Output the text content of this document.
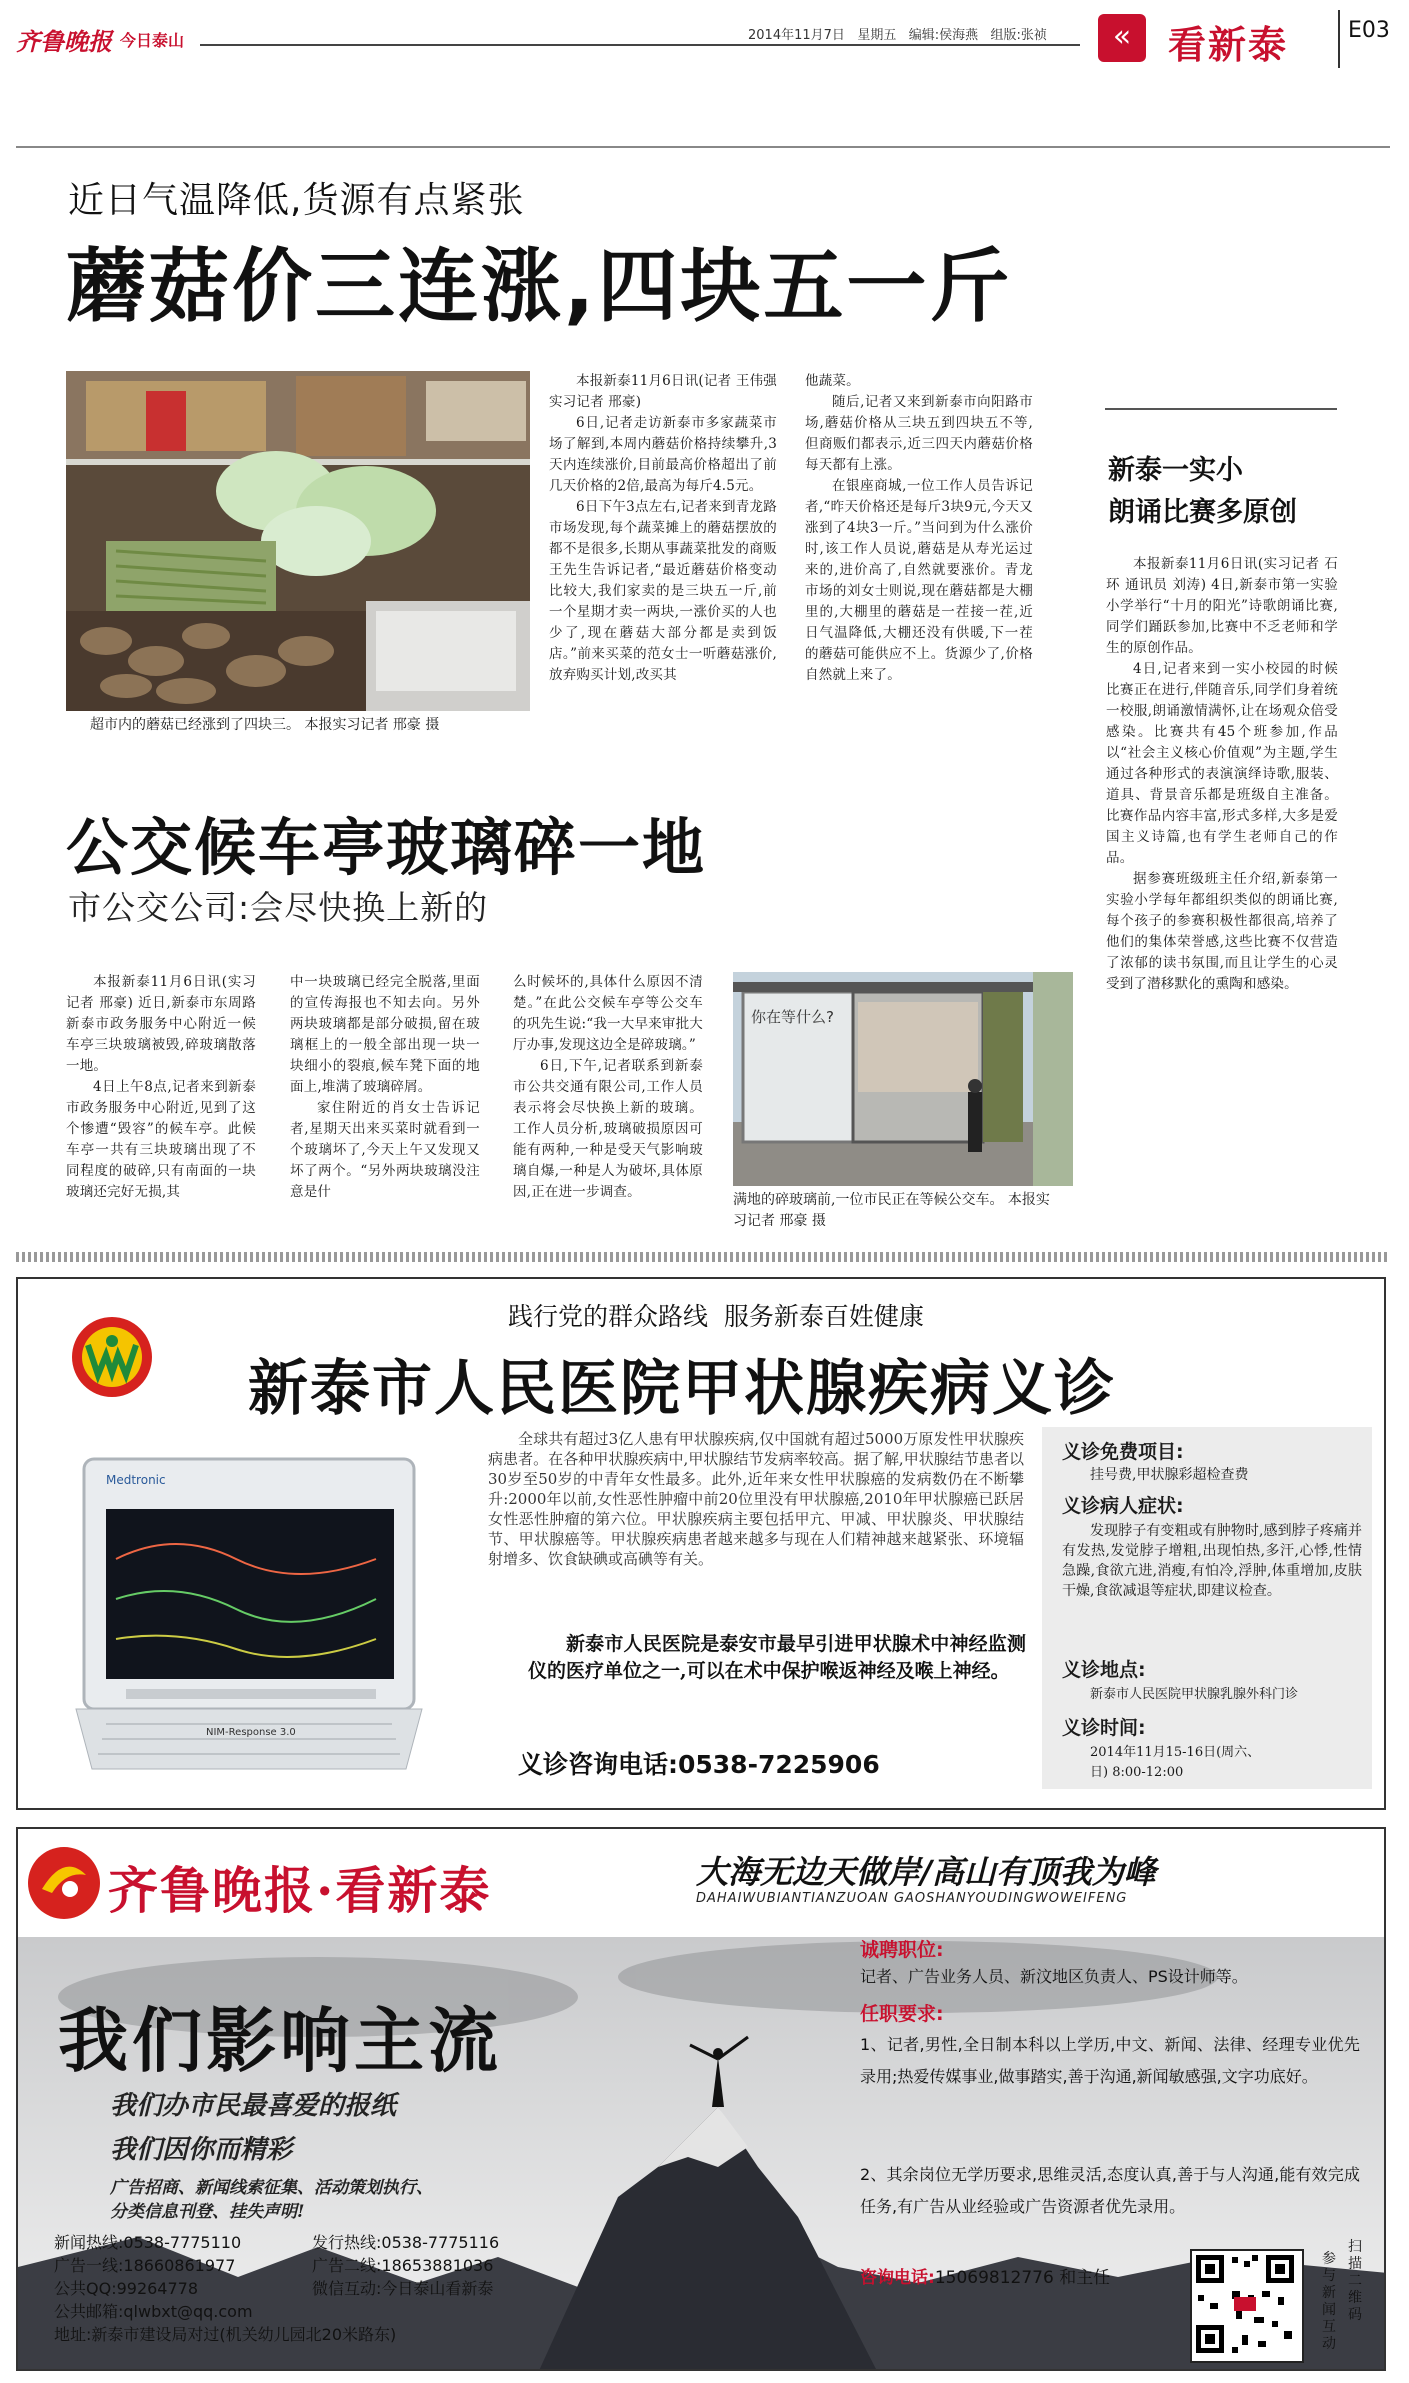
齐鲁晚报 今日泰山	2014年11月7日 星期五 编辑:侯海燕 组版:张祯	« 看新泰	E03
近日气温降低,货源有点紧张
蘑菇价三连涨,四块五一斤
超市内的蘑菇已经涨到了四块三。 本报实习记者 邢豪 摄

本报新泰11月6日讯(记者 王伟强 实习记者 邢豪)

6日,记者走访新泰市多家蔬菜市场了解到,本周内蘑菇价格持续攀升,3天内连续涨价,目前最高价格超出了前几天价格的2倍,最高为每斤4.5元。

6日下午3点左右,记者来到青龙路市场发现,每个蔬菜摊上的蘑菇摆放的都不是很多,长期从事蔬菜批发的商贩王先生告诉记者,“最近蘑菇价格变动比较大,我们家卖的是三块五一斤,前一个星期才卖一两块,一涨价买的人也少了,现在蘑菇大部分都是卖到饭店。”前来买菜的范女士一听蘑菇涨价,放弃购买计划,改买其

他蔬菜。

随后,记者又来到新泰市向阳路市场,蘑菇价格从三块五到四块五不等,但商贩们都表示,近三四天内蘑菇价格每天都有上涨。

在银座商城,一位工作人员告诉记者,“昨天价格还是每斤3块9元,今天又涨到了4块3一斤。”当问到为什么涨价时,该工作人员说,蘑菇是从寿光运过来的,进价高了,自然就要涨价。青龙市场的刘女士则说,现在蘑菇都是大棚里的,大棚里的蘑菇是一茬接一茬,近日气温降低,大棚还没有供暖,下一茬的蘑菇可能供应不上。货源少了,价格自然就上来了。

新泰一实小
朗诵比赛多原创

本报新泰11月6日讯(实习记者 石环 通讯员 刘涛) 4日,新泰市第一实验小学举行“十月的阳光”诗歌朗诵比赛,同学们踊跃参加,比赛中不乏老师和学生的原创作品。

4日,记者来到一实小校园的时候比赛正在进行,伴随音乐,同学们身着统一校服,朗诵激情满怀,让在场观众倍受感染。比赛共有45个班参加,作品以“社会主义核心价值观”为主题,学生通过各种形式的表演演绎诗歌,服装、道具、背景音乐都是班级自主准备。比赛作品内容丰富,形式多样,大多是爱国主义诗篇,也有学生老师自己的作品。

据参赛班级班主任介绍,新泰第一实验小学每年都组织类似的朗诵比赛,每个孩子的参赛积极性都很高,培养了他们的集体荣誉感,这些比赛不仅营造了浓郁的读书氛围,而且让学生的心灵受到了潜移默化的熏陶和感染。

公交候车亭玻璃碎一地
市公交公司:会尽快换上新的

本报新泰11月6日讯(实习记者 邢豪) 近日,新泰市东周路新泰市政务服务中心附近一候车亭三块玻璃被毁,碎玻璃散落一地。

4日上午8点,记者来到新泰市政务服务中心附近,见到了这个惨遭“毁容”的候车亭。此候车亭一共有三块玻璃出现了不同程度的破碎,只有南面的一块玻璃还完好无损,其

中一块玻璃已经完全脱落,里面的宣传海报也不知去向。另外两块玻璃都是部分破损,留在玻璃框上的一般全部出现一块一块细小的裂痕,候车凳下面的地面上,堆满了玻璃碎屑。

家住附近的肖女士告诉记者,星期天出来买菜时就看到一个玻璃坏了,今天上午又发现又坏了两个。“另外两块玻璃没注意是什

么时候坏的,具体什么原因不清楚。”在此公交候车亭等公交车的巩先生说:“我一大早来审批大厅办事,发现这边全是碎玻璃。”

6日,下午,记者联系到新泰市公共交通有限公司,工作人员表示将会尽快换上新的玻璃。工作人员分析,玻璃破损原因可能有两种,一种是受天气影响玻璃自爆,一种是人为破坏,具体原因,正在进一步调查。

你在等什么?
满地的碎玻璃前,一位市民正在等候公交车。 本报实习记者 邢豪 摄
践行党的群众路线  服务新泰百姓健康
新泰市人民医院甲状腺疾病义诊
Medtronic
NIM-Response 3.0
全球共有超过3亿人患有甲状腺疾病,仅中国就有超过5000万原发性甲状腺疾病患者。在各种甲状腺疾病中,甲状腺结节发病率较高。据了解,甲状腺结节患者以30岁至50岁的中青年女性最多。此外,近年来女性甲状腺癌的发病数仍在不断攀升:2000年以前,女性恶性肿瘤中前20位里没有甲状腺癌,2010年甲状腺癌已跃居女性恶性肿瘤的第六位。甲状腺疾病主要包括甲亢、甲减、甲状腺炎、甲状腺结节、甲状腺癌等。甲状腺疾病患者越来越多与现在人们精神越来越紧张、环境辐射增多、饮食缺碘或高碘等有关。
新泰市人民医院是泰安市最早引进甲状腺术中神经监测仪的医疗单位之一,可以在术中保护喉返神经及喉上神经。
义诊咨询电话:0538-7225906
义诊免费项目:
挂号费,甲状腺彩超检查费
义诊病人症状:
发现脖子有变粗或有肿物时,感到脖子疼痛并有发热,发觉脖子增粗,出现怕热,多汗,心悸,性情急躁,食欲亢进,消瘦,有怕冷,浮肿,体重增加,皮肤干燥,食欲减退等症状,即建议检查。
义诊地点:
新泰市人民医院甲状腺乳腺外科门诊
义诊时间:
2014年11月15-16日(周六、日) 8:00-12:00
齐鲁晚报·看新泰	大海无边天做岸/高山有顶我为峰
DAHAIWUBIANTIANZUOAN GAOSHANYOUDINGWOWEIFENG
我们影响主流
我们办市民最喜爱的报纸
我们因你而精彩
广告招商、新闻线索征集、活动策划执行、
分类信息刊登、挂失声明!
新闻热线:0538-7775110
广告一线:18660861977
公共QQ:99264778
公共邮箱:qlwbxt@qq.com
地址:新泰市建设局对过(机关幼儿园北20米路东)
发行热线:0538-7775116
广告二线:18653881036
微信互动:今日泰山看新泰
诚聘职位:
记者、广告业务人员、新汶地区负责人、PS设计师等。
任职要求:
1、记者,男性,全日制本科以上学历,中文、新闻、法律、经理专业优先录用;热爱传媒事业,做事踏实,善于沟通,新闻敏感强,文字功底好。
2、其余岗位无学历要求,思维灵活,态度认真,善于与人沟通,能有效完成任务,有广告从业经验或广告资源者优先录用。
咨询电话:15069812776 和主任
扫描二维码
参与新闻互动
